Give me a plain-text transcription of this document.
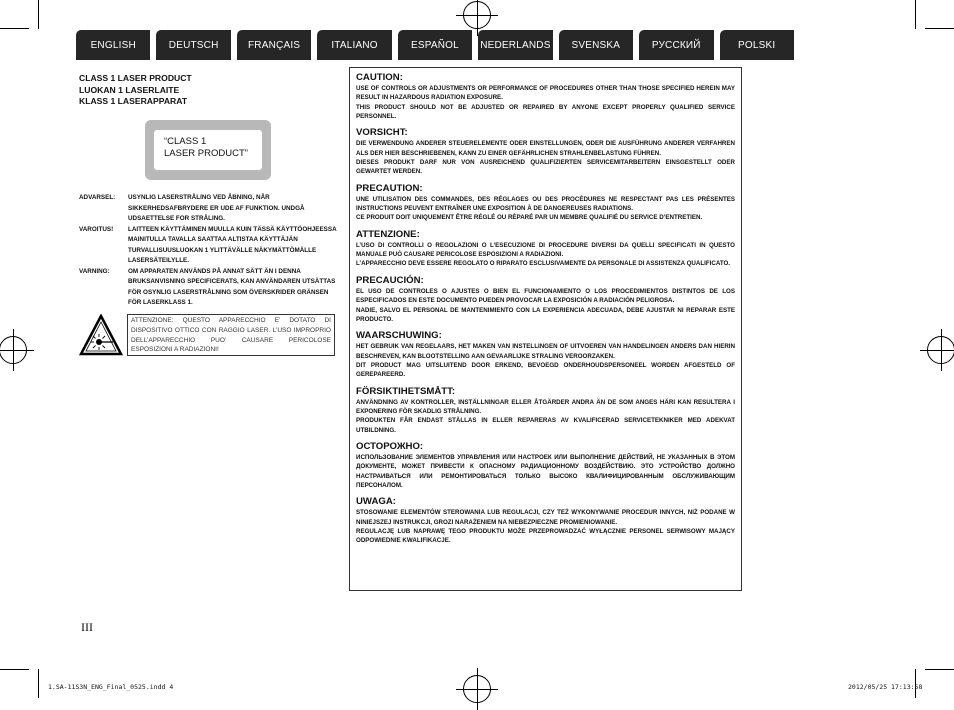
ENGLISH	DEUTSCH	FRANÇAIS	ITALIANO	ESPAÑOL NEDERLANDS SVENSKA	РУССКИЙ	POLSKI
CLASS 1 LASER PRODUCT
LUOKAN 1 LASERLAITE
KLASS 1 LASERAPPARAT
“CLASS 1
LASER PRODUCT”
ADVARSEL:	USYNLIG LASERSTRÅLING VED ÅBNING, NÅR SIKKERHEDSAFBRYDERE ER UDE AF FUNKTION. UNDGÅ UDSAETTELSE FOR STRÅLING.
VAROITUS!	LAITTEEN KÄYTTÄMINEN MUULLA KUIN TÄSSÄ KÄYTTÖOHJEESSA MAINITULLA TAVALLA SAATTAA ALTISTAA KÄYTTÄJÄN TURVALLISUUSLUOKAN 1 YLITTÄVÄLLE NÄKYMÄTTÖMÄLLE LASERSÄTEILYLLE.
VARNING:	OM APPARATEN ANVÄNDS PÅ ANNAT SÄTT ÄN I DENNA BRUKSANVISNING SPECIFICERATS, KAN ANVÄNDAREN UTSÄTTAS FÖR OSYNLIG LASERSTRÅLNING SOM ÖVERSKRIDER GRÄNSEN FÖR LASERKLASS 1.
ATTENZIONE: QUESTO APPARECCHIO E’ DOTATO DI DISPOSITIVO OTTICO CON RAGGIO LASER. L’USO IMPROPRIO DELL’APPARECCHIO PUO’ CAUSARE PERICOLOSE ESPOSIZIONI A RADIAZIONI!
CAUTION:

USE OF CONTROLS OR ADJUSTMENTS OR PERFORMANCE OF PROCEDURES OTHER THAN THOSE SPECIFIED HEREIN MAY RESULT IN HAZARDOUS RADIATION EXPOSURE.

THIS PRODUCT SHOULD NOT BE ADJUSTED OR REPAIRED BY ANYONE EXCEPT PROPERLY QUALIFIED SERVICE PERSONNEL.

VORSICHT:

DIE VERWENDUNG ANDERER STEUERELEMENTE ODER EINSTELLUNGEN, ODER DIE AUSFÜHRUNG ANDERER VERFAHREN ALS DER HIER BESCHRIEBENEN, KANN ZU EINER GEFÄHRLICHEN STRAHLENBELASTUNG FÜHREN.

DIESES PRODUKT DARF NUR VON AUSREICHEND QUALIFIZIERTEN SERVICEMITARBEITERN EINSGESTELLT ODER GEWARTET WERDEN.

PRECAUTION:

UNE UTILISATION DES COMMANDES, DES RÉGLAGES OU DES PROCÉDURES NE RESPECTANT PAS LES PRÉSENTES INSTRUCTIONS PEUVENT ENTRAÎNER UNE EXPOSITION À DE DANGEREUSES RADIATIONS.

CE PRODUIT DOIT UNIQUEMENT ÊTRE RÉGLÉ OU RÉPARÉ PAR UN MEMBRE QUALIFIÉ DU SERVICE D’ENTRETIEN.

ATTENZIONE:

L’USO DI CONTROLLI O REGOLAZIONI O L’ESECUZIONE DI PROCEDURE DIVERSI DA QUELLI SPECIFICATI IN QUESTO MANUALE PUÒ CAUSARE PERICOLOSE ESPOSIZIONI A RADIAZIONI.

L’APPARECCHIO DEVE ESSERE REGOLATO O RIPARATO ESCLUSIVAMENTE DA PERSONALE DI ASSISTENZA QUALIFICATO.

PRECAUCIÓN:

EL USO DE CONTROLES O AJUSTES O BIEN EL FUNCIONAMIENTO O LOS PROCEDIMIENTOS DISTINTOS DE LOS ESPECIFICADOS EN ESTE DOCUMENTO PUEDEN PROVOCAR LA EXPOSICIÓN A RADIACIÓN PELIGROSA.

NADIE, SALVO EL PERSONAL DE MANTENIMIENTO CON LA EXPERIENCIA ADECUADA, DEBE AJUSTAR NI REPARAR ESTE PRODUCTO.

WAARSCHUWING:

HET GEBRUIK VAN REGELAARS, HET MAKEN VAN INSTELLINGEN OF UITVOEREN VAN HANDELINGEN ANDERS DAN HIERIN BESCHREVEN, KAN BLOOTSTELLING AAN GEVAARLIJKE STRALING VEROORZAKEN.

DIT PRODUCT MAG UITSLUITEND DOOR ERKEND, BEVOEGD ONDERHOUDSPERSONEEL WORDEN AFGESTELD OF GEREPAREERD.

FÖRSIKTIHETSMÅTT:

ANVÄNDNING AV KONTROLLER, INSTÄLLNINGAR ELLER ÅTGÄRDER ANDRA ÄN DE SOM ANGES HÄRI KAN RESULTERA I EXPONERING FÖR SKADLIG STRÅLNING.

PRODUKTEN FÅR ENDAST STÄLLAS IN ELLER REPARERAS AV KVALIFICERAD SERVICETEKNIKER MED ADEKVAT UTBILDNING.

ОСТОРОЖНО:

ИСПОЛЬЗОВАНИЕ ЭЛЕМЕНТОВ УПРАВЛЕНИЯ ИЛИ НАСТРОЕК ИЛИ ВЫПОЛНЕНИЕ ДЕЙСТВИЙ, НЕ УКАЗАННЫХ В ЭТОМ ДОКУМЕНТЕ, МОЖЕТ ПРИВЕСТИ К ОПАСНОМУ РАДИАЦИОННОМУ ВОЗДЕЙСТВИЮ. ЭТО УСТРОЙСТВО ДОЛЖНО НАСТРАИВАТЬСЯ ИЛИ РЕМОНТИРОВАТЬСЯ ТОЛЬКО ВЫСОКО КВАЛИФИЦИРОВАННЫМ ОБСЛУЖИВАЮЩИМ ПЕРСОНАЛОМ.

UWAGA:

STOSOWANIE ELEMENTÓW STEROWANIA LUB REGULACJI, CZY TEŻ WYKONYWANIE PROCEDUR INNYCH, NIŻ PODANE W NINIEJSZEJ INSTRUKCJI, GROZI NARAŻENIEM NA NIEBEZPIECZNE PROMIENIOWANIE.

REGULACJĘ LUB NAPRAWĘ TEGO PRODUKTU MOŻE PRZEPROWADZAĆ WYŁĄCZNIE PERSONEL SERWISOWY MAJĄCY ODPOWIEDNIE KWALIFIKACJE.

III
1.SA-11S3N_ENG_Final_0525.indd 4	2012/05/25 17:13:58
